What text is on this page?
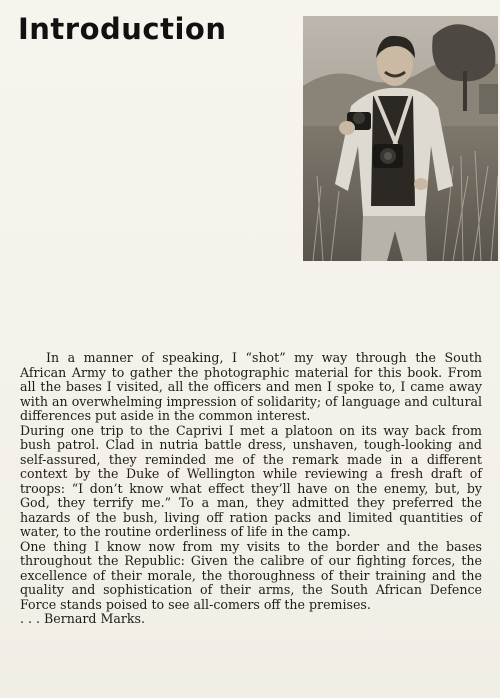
Introduction

In a manner of speaking, I “shot” my way through the South African Army to gather the photographic material for this book. From all the bases I visited, all the officers and men I spoke to, I came away with an overwhelming impression of solidarity; of language and cultural differences put aside in the common interest.

During one trip to the Caprivi I met a platoon on its way back from bush patrol. Clad in nutria battle dress, unshaven, tough-looking and self-assured, they reminded me of the remark made in a different context by the Duke of Wellington while reviewing a fresh draft of troops: “I don’t know what effect they’ll have on the enemy, but, by God, they terrify me.” To a man, they admitted they preferred the hazards of the bush, living off ration packs and limited quantities of water, to the routine orderliness of life in the camp.

One thing I know now from my visits to the border and the bases throughout the Republic: Given the calibre of our fighting forces, the excellence of their morale, the thoroughness of their training and the quality and sophistication of their arms, the South African Defence Force stands poised to see all-comers off the premises.

. . . Bernard Marks.
